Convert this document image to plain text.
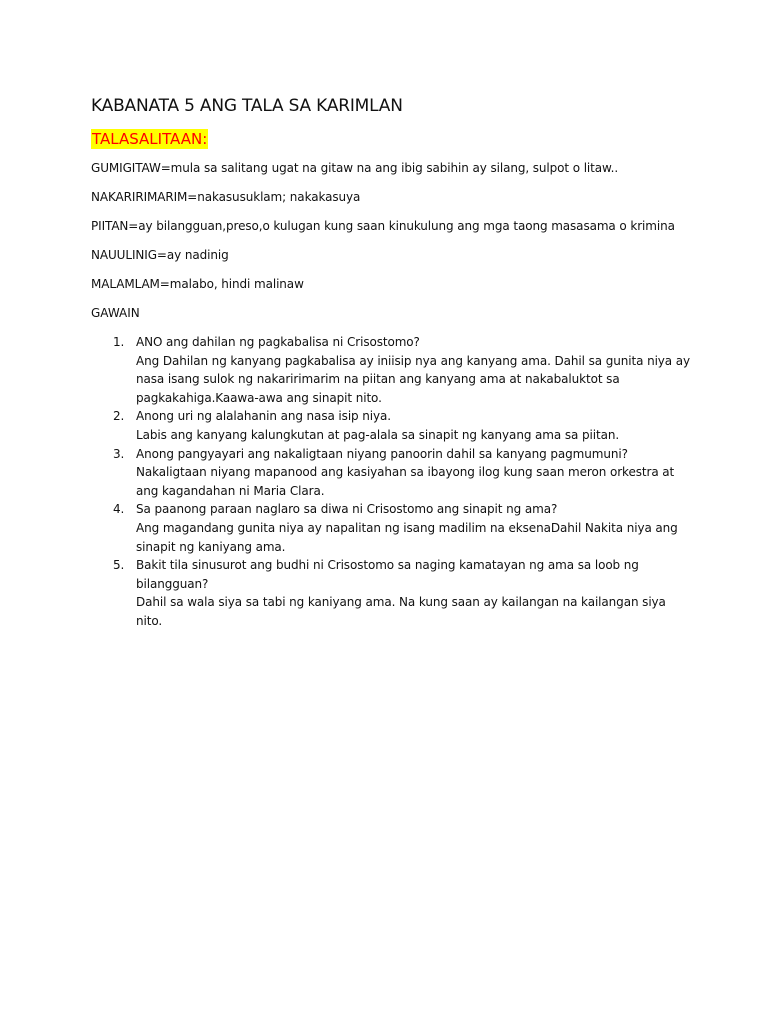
KABANATA 5 ANG TALA SA KARIMLAN
TALASALITAAN:

GUMIGITAW=mula sa salitang ugat na gitaw na ang ibig sabihin ay silang, sulpot o litaw..

NAKARIRIMARIM=nakasusuklam; nakakasuya

PIITAN=ay bilangguan,preso,o kulugan kung saan kinukulung ang mga taong masasama o krimina

NAUULINIG=ay nadinig

MALAMLAM=malabo, hindi malinaw

GAWAIN
1. ANO ang dahilan ng pagkabalisa ni Crisostomo?
Ang Dahilan ng kanyang pagkabalisa ay iniisip nya ang kanyang ama. Dahil sa gunita niya ay nasa isang sulok ng nakaririmarim na piitan ang kanyang ama at nakabaluktot sa pagkakahiga.Kaawa-awa ang sinapit nito.
2. Anong uri ng alalahanin ang nasa isip niya.
Labis ang kanyang kalungkutan at pag-alala sa sinapit ng kanyang ama sa piitan.
3. Anong pangyayari ang nakaligtaan niyang panoorin dahil sa kanyang pagmumuni?
Nakaligtaan niyang mapanood ang kasiyahan sa ibayong ilog kung saan meron orkestra at ang kagandahan ni Maria Clara.
4. Sa paanong paraan naglaro sa diwa ni Crisostomo ang sinapit ng ama?
Ang magandang gunita niya ay napalitan ng isang madilim na eksenaDahil Nakita niya ang sinapit ng kaniyang ama.
5. Bakit tila sinusurot ang budhi ni Crisostomo sa naging kamatayan ng ama sa loob ng bilangguan?
Dahil sa wala siya sa tabi ng kaniyang ama. Na kung saan ay kailangan na kailangan siya nito.
